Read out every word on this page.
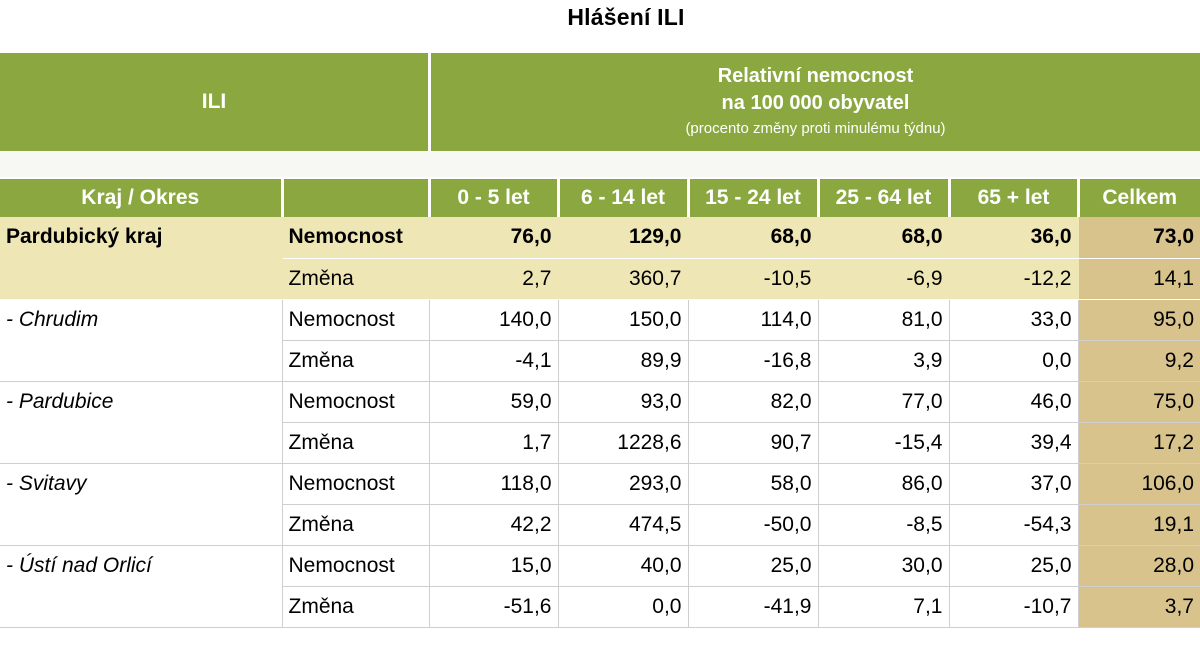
Hlášení ILI
ILI
Relativní nemocnost
na 100 000 obyvatel
(procento změny proti minulému týdnu)
Kraj / Okres		0 - 5 let	6 - 14 let	15 - 24 let	25 - 64 let	65 + let	Celkem
Pardubický kraj	Nemocnost	76,0	129,0	68,0	68,0	36,0	73,0
	Změna	2,7	360,7	-10,5	-6,9	-12,2	14,1
- Chrudim	Nemocnost	140,0	150,0	114,0	81,0	33,0	95,0
	Změna	-4,1	89,9	-16,8	3,9	0,0	9,2
- Pardubice	Nemocnost	59,0	93,0	82,0	77,0	46,0	75,0
	Změna	1,7	1228,6	90,7	-15,4	39,4	17,2
- Svitavy	Nemocnost	118,0	293,0	58,0	86,0	37,0	106,0
	Změna	42,2	474,5	-50,0	-8,5	-54,3	19,1
- Ústí nad Orlicí	Nemocnost	15,0	40,0	25,0	30,0	25,0	28,0
	Změna	-51,6	0,0	-41,9	7,1	-10,7	3,7
